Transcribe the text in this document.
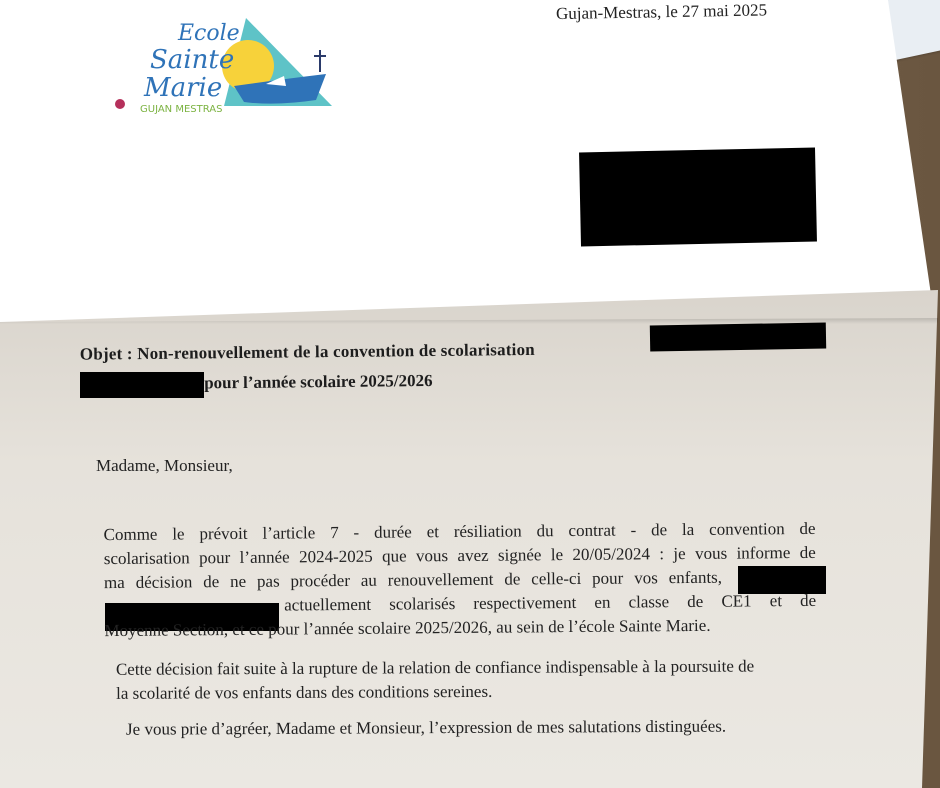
Ecole
Sainte
Marie
GUJAN MESTRAS
Gujan-Mestras, le 27 mai 2025
Objet : Non-renouvellement de la convention de scolarisation
pour l’année scolaire 2025/2026
Madame, Monsieur,
Comme le prévoit l’article 7 - durée et résiliation du contrat - de la convention de
scolarisation pour l’année 2024-2025 que vous avez signée le 20/05/2024 : je vous informe de
ma décision de ne pas procéder au renouvellement de celle-ci pour vos enfants,
actuellement scolarisés respectivement en classe de CE1 et de
Moyenne Section, et ce pour l’année scolaire 2025/2026, au sein de l’école Sainte Marie.
Cette décision fait suite à la rupture de la relation de confiance indispensable à la poursuite de
la scolarité de vos enfants dans des conditions sereines.
Je vous prie d’agréer, Madame et Monsieur, l’expression de mes salutations distinguées.
